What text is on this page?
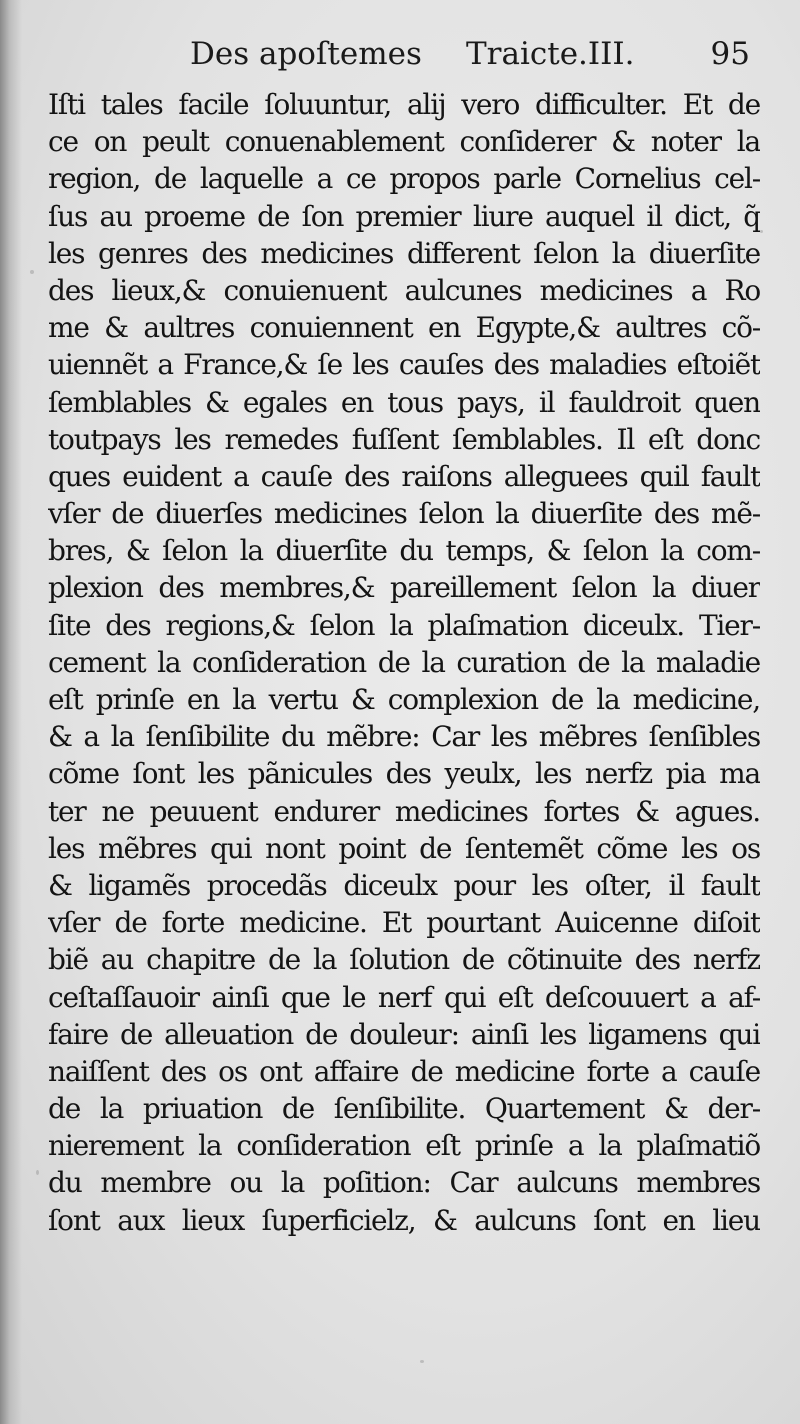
Des apoſtemes Traicte.III. 95
Iſti tales facile ſoluuntur, alij vero difficulter. Et de
ce on peult conuenablement conſiderer & noter la
region, de laquelle a ce propos parle Cornelius cel-
ſus au proeme de ſon premier liure auquel il dict, q̃
les genres des medicines different ſelon la diuerſite
des lieux,& conuienuent aulcunes medicines a Ro
me & aultres conuiennent en Egypte,& aultres cõ-
uiennẽt a France,& ſe les cauſes des maladies eſtoiẽt
ſemblables & egales en tous pays, il fauldroit quen
toutpays les remedes fuſſent ſemblables. Il eſt donc
ques euident a cauſe des raiſons alleguees quil fault
vſer de diuerſes medicines ſelon la diuerſite des mẽ-
bres, & ſelon la diuerſite du temps, & ſelon la com-
plexion des membres,& pareillement ſelon la diuer
ſite des regions,& ſelon la plaſmation diceulx. Tier-
cement la conſideration de la curation de la maladie
eſt prinſe en la vertu & complexion de la medicine,
& a la ſenſibilite du mẽbre: Car les mẽbres ſenſibles
cõme ſont les pãnicules des yeulx, les nerfz pia ma
ter ne peuuent endurer medicines fortes & agues.
les mẽbres qui nont point de ſentemẽt cõme les os
& ligamẽs procedãs diceulx pour les oſter, il fault
vſer de forte medicine. Et pourtant Auicenne diſoit
biẽ au chapitre de la ſolution de cõtinuite des nerfz
ceſtaſſauoir ainſi que le nerf qui eſt deſcouuert a af-
faire de alleuation de douleur: ainſi les ligamens qui
naiſſent des os ont affaire de medicine forte a cauſe
de la priuation de ſenſibilite. Quartement & der-
nierement la conſideration eſt prinſe a la plaſmatiõ
du membre ou la poſition: Car aulcuns membres
ſont aux lieux ſuperficielz, & aulcuns ſont en lieu
